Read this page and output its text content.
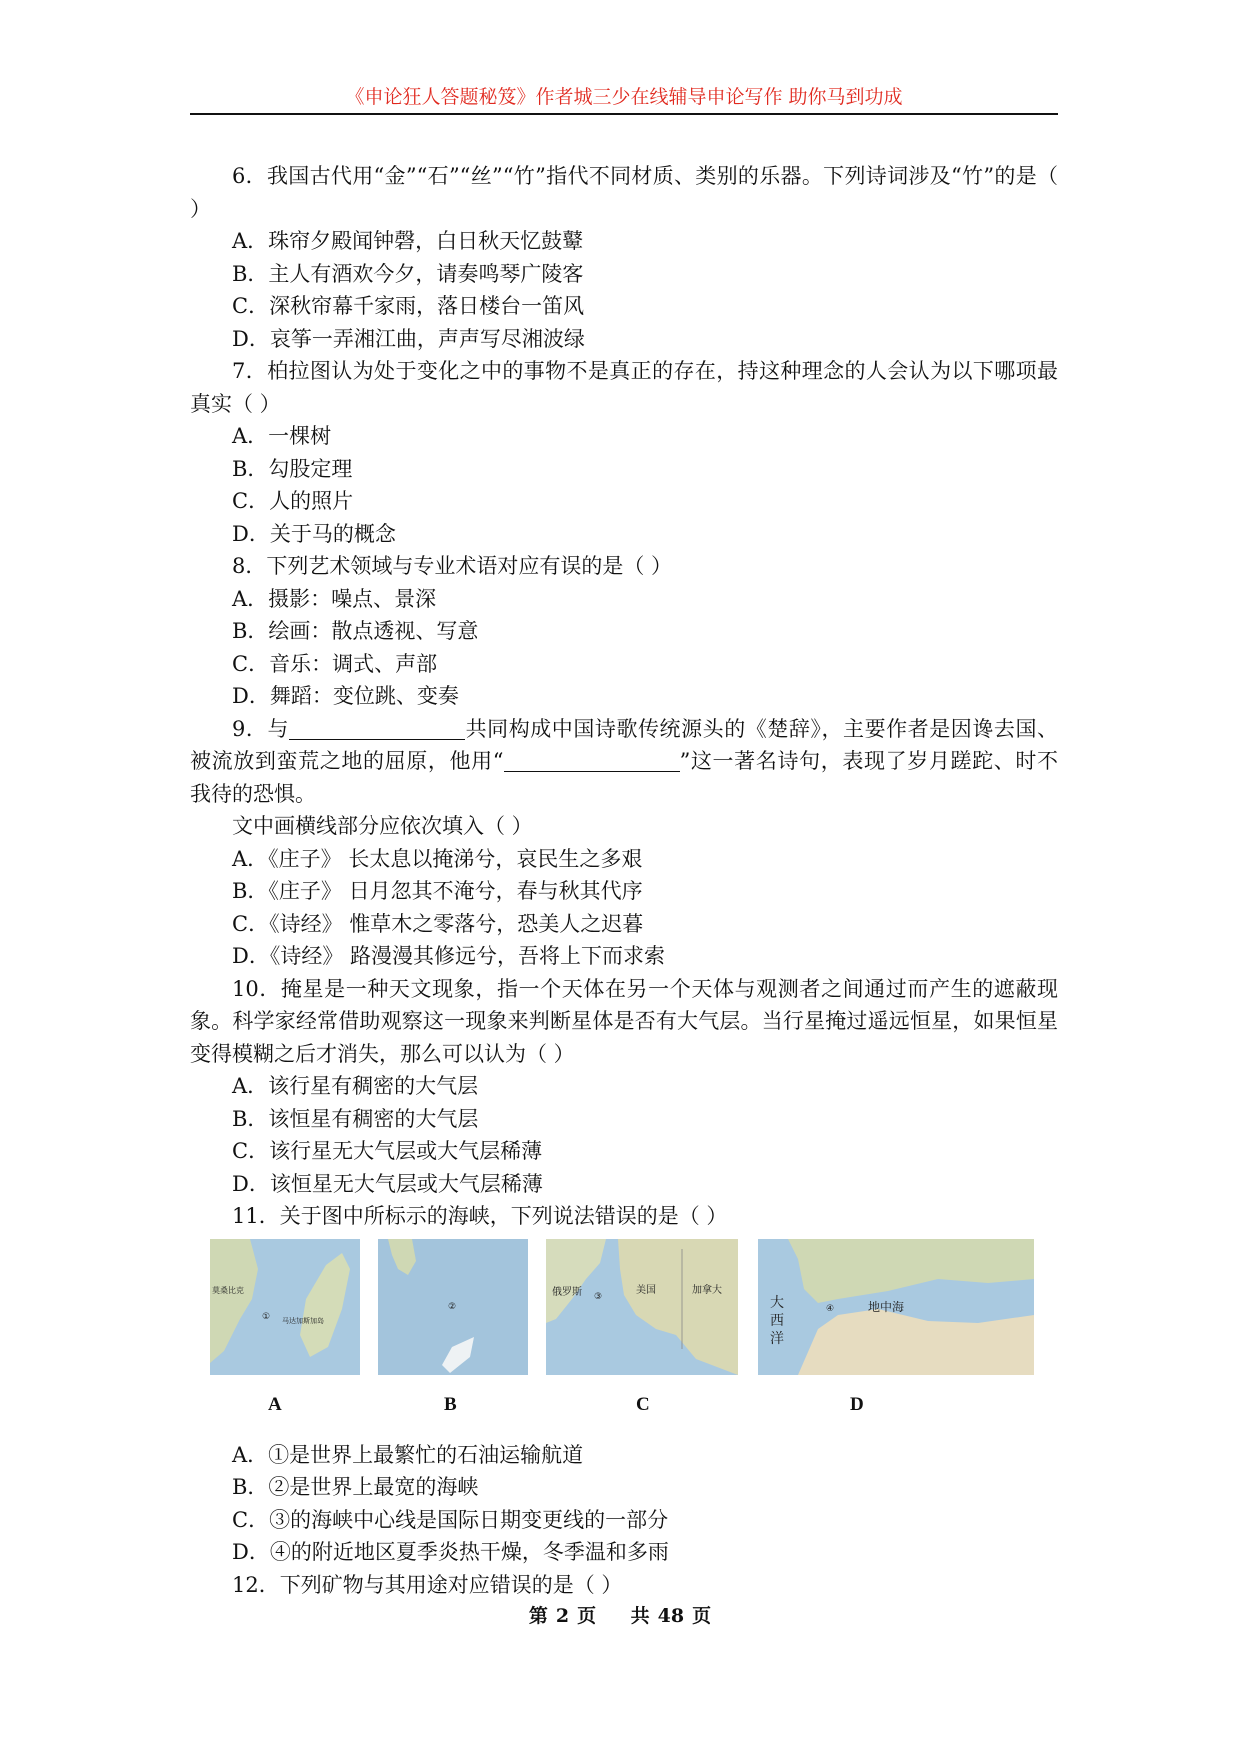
《申论狂人答题秘笈》作者城三少在线辅导申论写作 助你马到功成

6．我国古代用“金”“石”“丝”“竹”指代不同材质、类别的乐器。下列诗词涉及“竹”的是（ ）

A．珠帘夕殿闻钟磬，白日秋天忆鼓鼙

B．主人有酒欢今夕，请奏鸣琴广陵客

C．深秋帘幕千家雨，落日楼台一笛风

D．哀筝一弄湘江曲，声声写尽湘波绿

7．柏拉图认为处于变化之中的事物不是真正的存在，持这种理念的人会认为以下哪项最真实（ ）

A．一棵树

B．勾股定理

C．人的照片

D．关于马的概念

8．下列艺术领域与专业术语对应有误的是（ ）

A．摄影：噪点、景深

B．绘画：散点透视、写意

C．音乐：调式、声部

D．舞蹈：变位跳、变奏

9．与	共同构成中国诗歌传统源头的《楚辞》，主要作者是因谗去国、被流放到蛮荒之地的屈原，他用“	”这一著名诗句，表现了岁月蹉跎、时不我待的恐惧。

文中画横线部分应依次填入（ ）

A．《庄子》 长太息以掩涕兮，哀民生之多艰

B．《庄子》 日月忽其不淹兮，春与秋其代序

C．《诗经》 惟草木之零落兮，恐美人之迟暮

D．《诗经》 路漫漫其修远兮，吾将上下而求索

10．掩星是一种天文现象，指一个天体在另一个天体与观测者之间通过而产生的遮蔽现象。科学家经常借助观察这一现象来判断星体是否有大气层。当行星掩过遥远恒星，如果恒星变得模糊之后才消失，那么可以认为（ ）

A．该行星有稠密的大气层

B．该恒星有稠密的大气层

C．该行星无大气层或大气层稀薄

D．该恒星无大气层或大气层稀薄

11．关于图中所标示的海峡，下列说法错误的是（ ）

莫桑比克
① 马达加斯加岛
②
俄罗斯 ③
美国	加拿大
大
西
洋
④	地中海
A	B	C	D

A．①是世界上最繁忙的石油运输航道

B．②是世界上最宽的海峡

C．③的海峡中心线是国际日期变更线的一部分

D．④的附近地区夏季炎热干燥，冬季温和多雨

12．下列矿物与其用途对应错误的是（ ）

第 2 页 共 48 页
